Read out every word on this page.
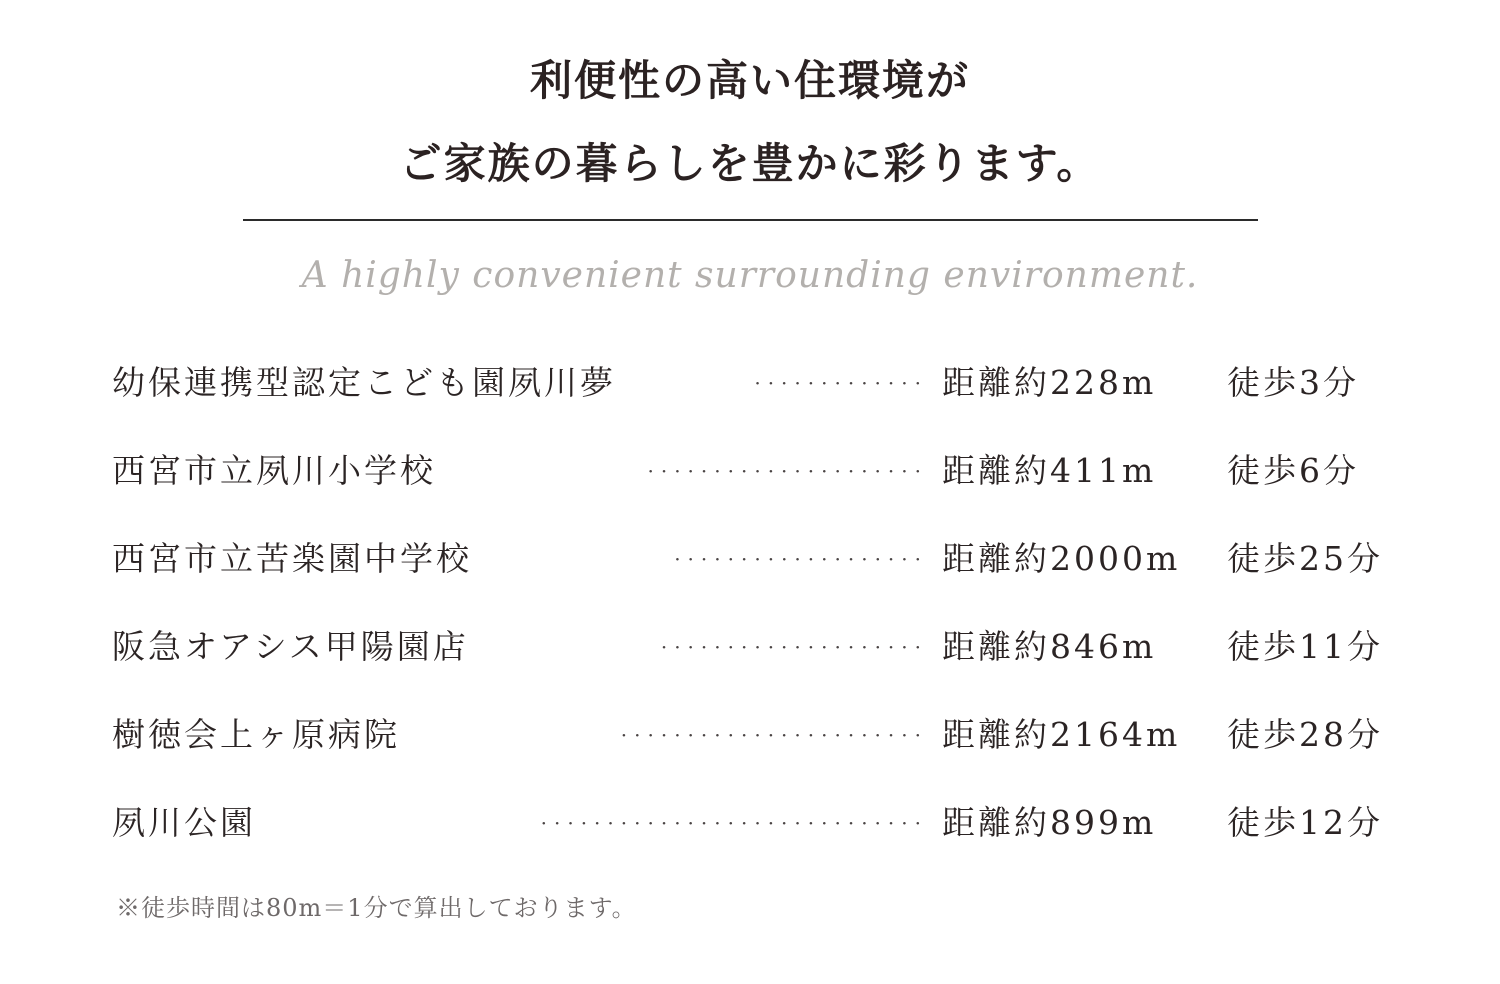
利便性の高い住環境が
ご家族の暮らしを豊かに彩ります。
A highly convenient surrounding environment.
幼保連携型認定こども園夙川夢	············· 距離約228m 徒歩3分
西宮市立夙川小学校	····················· 距離約411m 徒歩6分
西宮市立苦楽園中学校	··················· 距離約2000m 徒歩25分
阪急オアシス甲陽園店	···················· 距離約846m 徒歩11分
樹徳会上ヶ原病院	······················· 距離約2164m 徒歩28分
夙川公園	····························· 距離約899m 徒歩12分
※徒歩時間は80m＝1分で算出しております。
